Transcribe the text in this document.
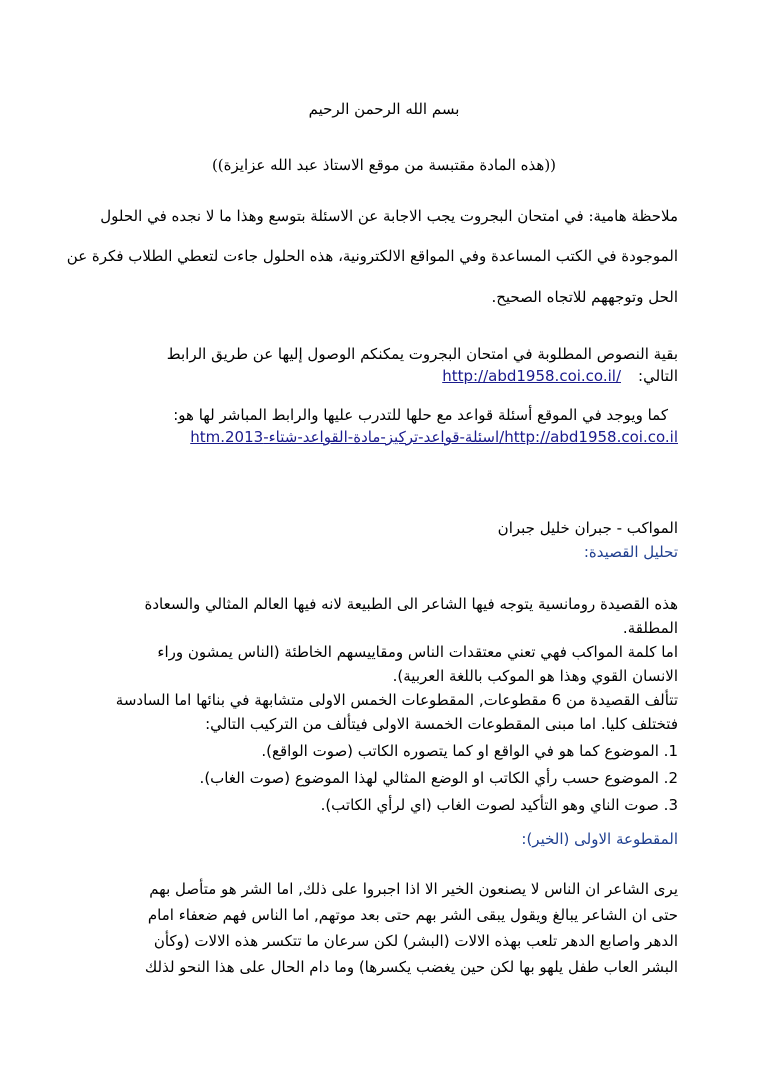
بسم الله الرحمن الرحيم
((هذه المادة مقتبسة من موقع الاستاذ عبد الله عزايزة))
ملاحظة هامية: في امتحان البجروت يجب الاجابة عن الاسئلة بتوسع وهذا ما لا نجده في الحلول
الموجودة في الكتب المساعدة وفي المواقع الالكترونية، هذه الحلول جاءت لتعطي الطلاب فكرة عن
الحل وتوجههم للاتجاه الصحيح.
بقية النصوص المطلوبة في امتحان البجروت يمكنكم الوصول إليها عن طريق الرابط
التالي:
http://abd1958.coi.co.il/
كما ويوجد في الموقع أسئلة قواعد مع حلها للتدرب عليها والرابط المباشر لها هو:
http://abd1958.coi.co.il/اسئلة-قواعد-تركيز-مادة-القواعد-شتاء-htm.2013
المواكب - جبران خليل جبران
تحليل القصيدة:
هذه القصيدة رومانسية يتوجه فيها الشاعر الى الطبيعة لانه فيها العالم المثالي والسعادة
المطلقة.
اما كلمة المواكب فهي تعني معتقدات الناس ومقاييسهم الخاطئة (الناس يمشون وراء
الانسان القوي وهذا هو الموكب باللغة العربية).
تتألف القصيدة من 6 مقطوعات, المقطوعات الخمس الاولى متشابهة في بنائها اما السادسة
فتختلف كليا. اما مبنى المقطوعات الخمسة الاولى فيتألف من التركيب التالي:
1. الموضوع كما هو في الواقع او كما يتصوره الكاتب (صوت الواقع).
2. الموضوع حسب رأي الكاتب او الوضع المثالي لهذا الموضوع (صوت الغاب).
3. صوت الناي وهو التأكيد لصوت الغاب (اي لرأي الكاتب).
المقطوعة الاولى (الخير):
يرى الشاعر ان الناس لا يصنعون الخير الا اذا اجبروا على ذلك, اما الشر هو متأصل بهم
حتى ان الشاعر يبالغ ويقول يبقى الشر بهم حتى بعد موتهم, اما الناس فهم ضعفاء امام
الدهر واصابع الدهر تلعب بهذه الالات (البشر) لكن سرعان ما تتكسر هذه الالات (وكأن
البشر العاب طفل يلهو بها لكن حين يغضب يكسرها) وما دام الحال على هذا النحو لذلك
